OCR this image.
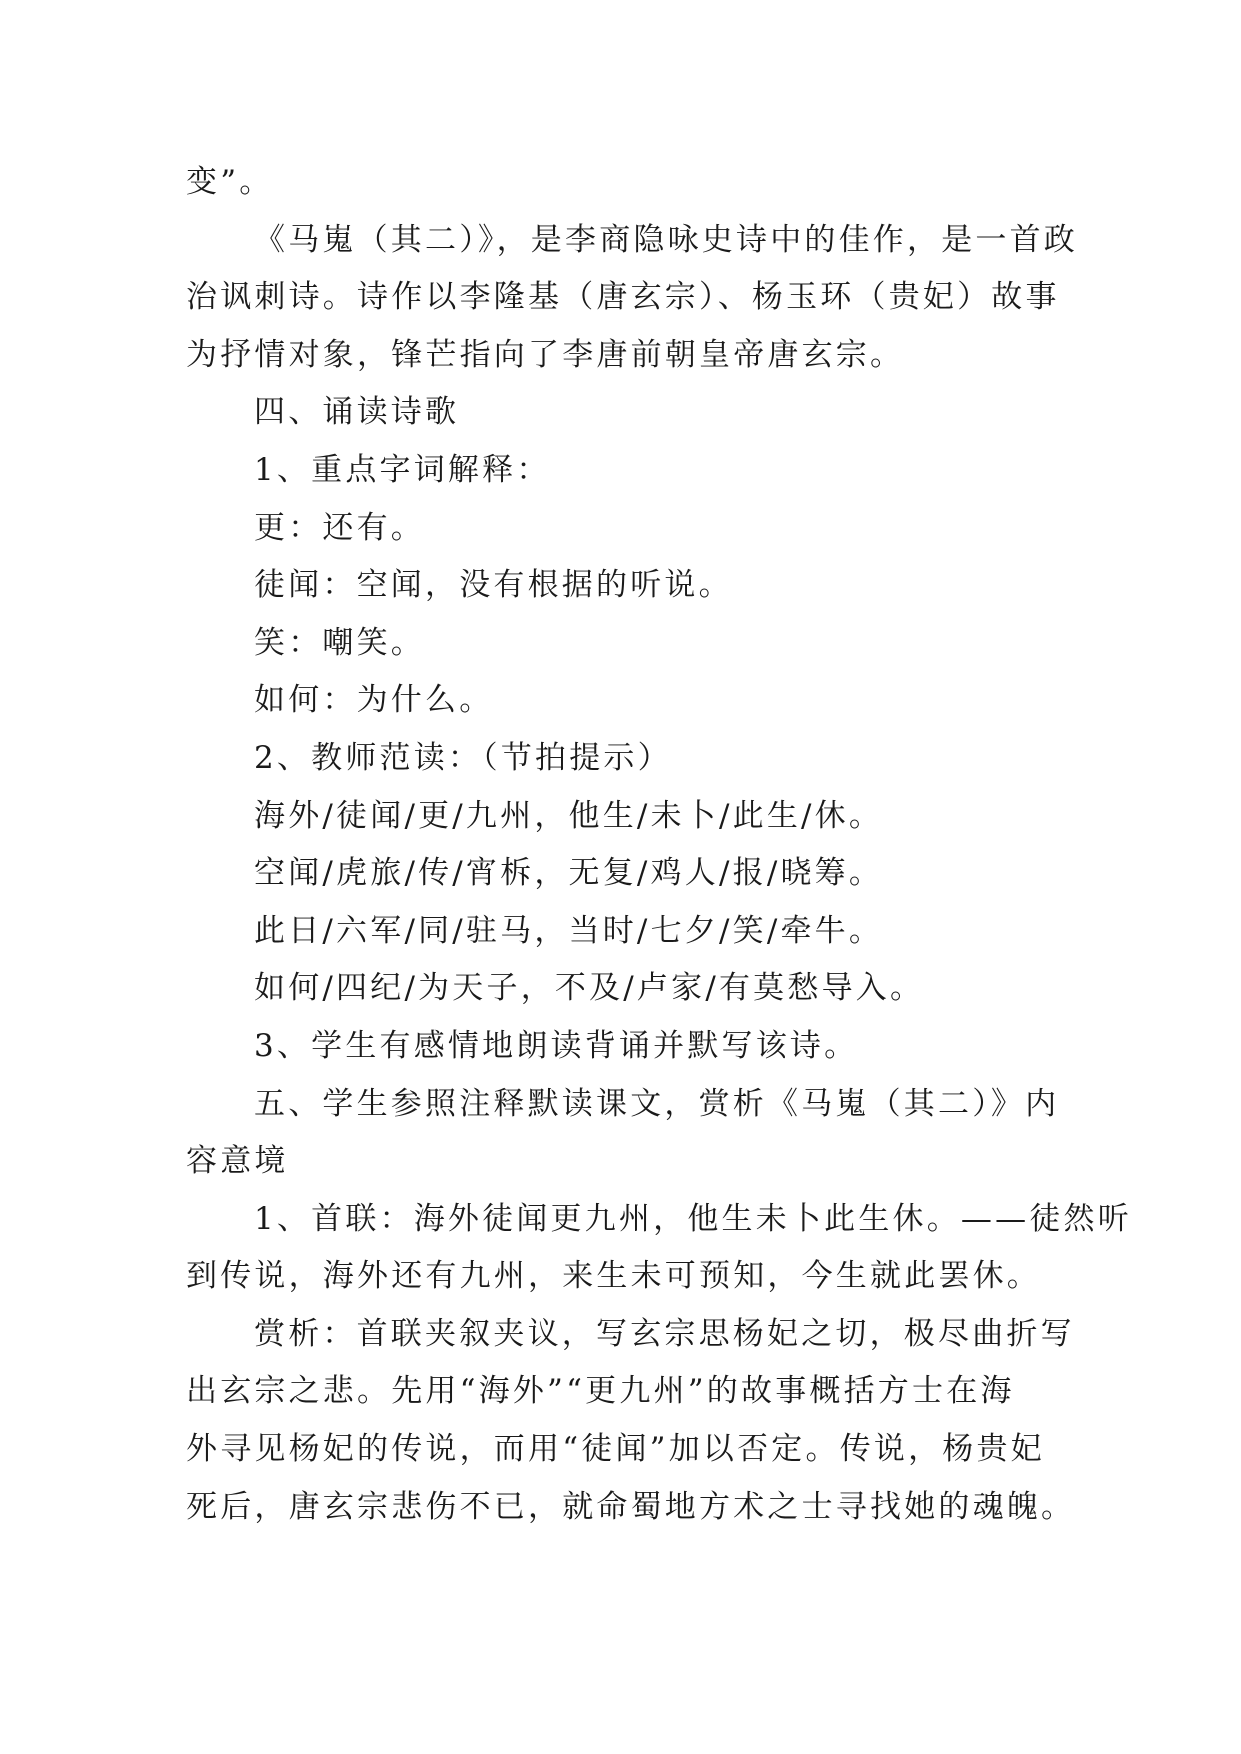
变”。
《马嵬（其二）》，是李商隐咏史诗中的佳作，是一首政
治讽刺诗。诗作以李隆基（唐玄宗）、杨玉环（贵妃）故事
为抒情对象，锋芒指向了李唐前朝皇帝唐玄宗。
四、诵读诗歌
1、重点字词解释：
更：还有。
徒闻：空闻，没有根据的听说。
笑：嘲笑。
如何：为什么。
2、教师范读：（节拍提示）
海外/徒闻/更/九州，他生/未卜/此生/休。
空闻/虎旅/传/宵柝，无复/鸡人/报/晓筹。
此日/六军/同/驻马，当时/七夕/笑/牵牛。
如何/四纪/为天子，不及/卢家/有莫愁导入。
3、学生有感情地朗读背诵并默写该诗。
五、学生参照注释默读课文，赏析《马嵬（其二）》内
容意境
1、首联：海外徒闻更九州，他生未卜此生休。——徒然听
到传说，海外还有九州，来生未可预知，今生就此罢休。
赏析：首联夹叙夹议，写玄宗思杨妃之切，极尽曲折写
出玄宗之悲。先用“海外”“更九州”的故事概括方士在海
外寻见杨妃的传说，而用“徒闻”加以否定。传说，杨贵妃
死后，唐玄宗悲伤不已，就命蜀地方术之士寻找她的魂魄。
